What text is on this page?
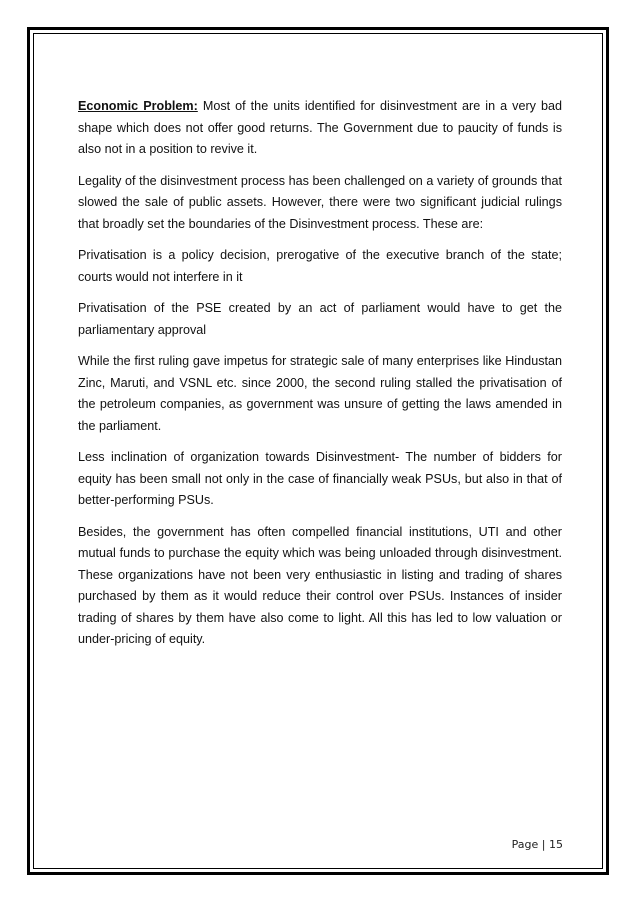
Economic Problem: Most of the units identified for disinvestment are in a very bad shape which does not offer good returns. The Government due to paucity of funds is also not in a position to revive it.

Legality of the disinvestment process has been challenged on a variety of grounds that slowed the sale of public assets. However, there were two significant judicial rulings that broadly set the boundaries of the Disinvestment process. These are:

Privatisation is a policy decision, prerogative of the executive branch of the state; courts would not interfere in it

Privatisation of the PSE created by an act of parliament would have to get the parliamentary approval

While the first ruling gave impetus for strategic sale of many enterprises like Hindustan Zinc, Maruti, and VSNL etc. since 2000, the second ruling stalled the privatisation of the petroleum companies, as government was unsure of getting the laws amended in the parliament.

Less inclination of organization towards Disinvestment- The number of bidders for equity has been small not only in the case of financially weak PSUs, but also in that of better-performing PSUs.

Besides, the government has often compelled financial institutions, UTI and other mutual funds to purchase the equity which was being unloaded through disinvestment. These organizations have not been very enthusiastic in listing and trading of shares purchased by them as it would reduce their control over PSUs. Instances of insider trading of shares by them have also come to light. All this has led to low valuation or under-pricing of equity.

Page | 15
